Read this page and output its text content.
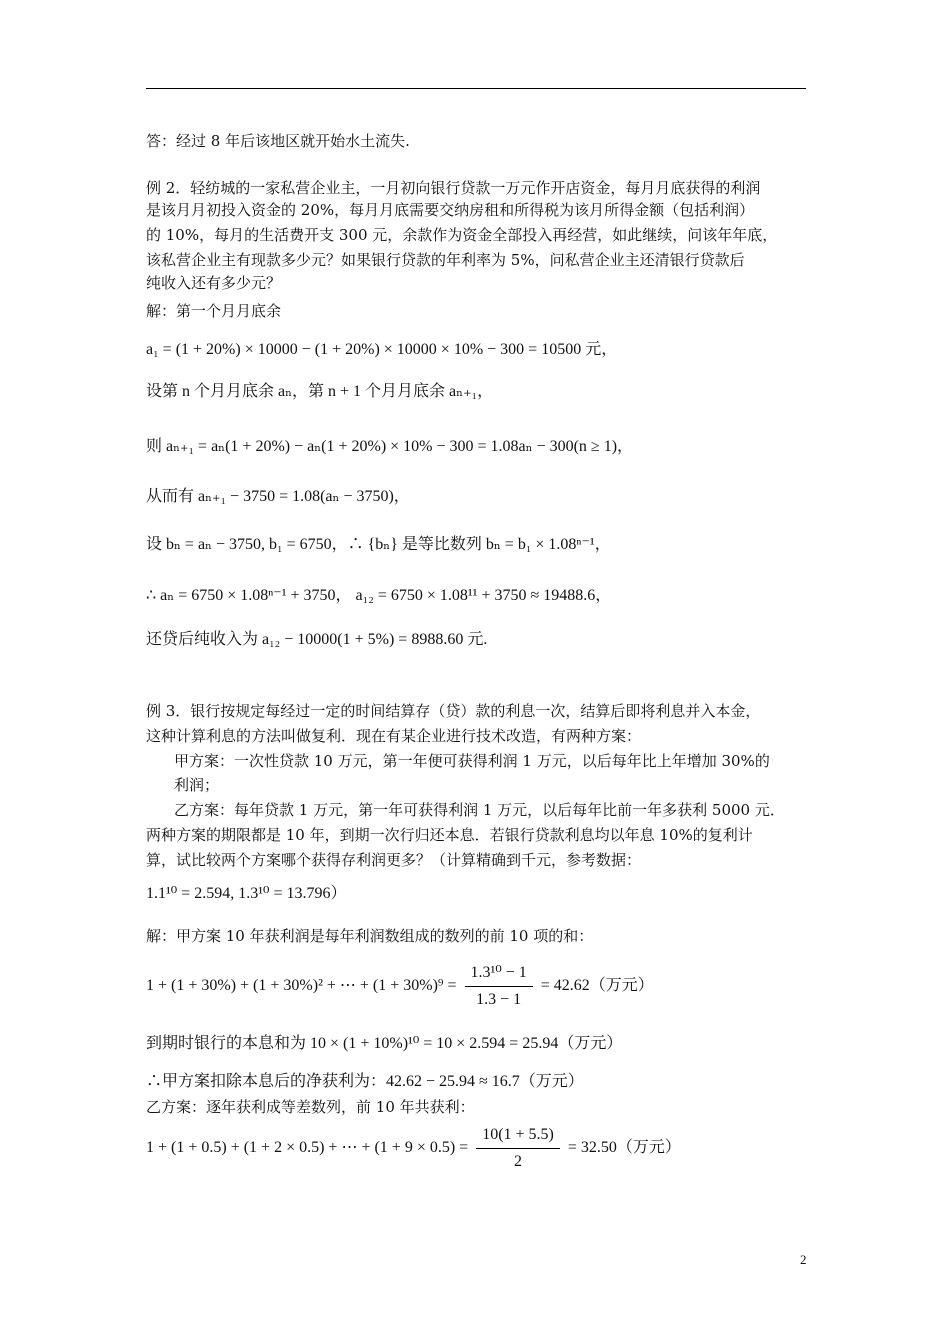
答：经过 8 年后该地区就开始水土流失.
例 2．轻纺城的一家私营企业主，一月初向银行贷款一万元作开店资金，每月月底获得的利润
是该月月初投入资金的 20%，每月月底需要交纳房租和所得税为该月所得金额（包括利润）
的 10%，每月的生活费开支 300 元，余款作为资金全部投入再经营，如此继续，问该年年底，
该私营企业主有现款多少元？如果银行贷款的年利率为 5%，问私营企业主还清银行贷款后
纯收入还有多少元？
解：第一个月月底余
a₁ = (1 + 20%) × 10000 − (1 + 20%) × 10000 × 10% − 300 = 10500 元，
设第 n 个月月底余 aₙ，第 n + 1 个月月底余 aₙ₊₁，
则 aₙ₊₁ = aₙ(1 + 20%) − aₙ(1 + 20%) × 10% − 300 = 1.08aₙ − 300(n ≥ 1)，
从而有 aₙ₊₁ − 3750 = 1.08(aₙ − 3750)，
设 bₙ = aₙ − 3750, b₁ = 6750，∴ {bₙ} 是等比数列 bₙ = b₁ × 1.08ⁿ⁻¹，
∴ aₙ = 6750 × 1.08ⁿ⁻¹ + 3750， a₁₂ = 6750 × 1.08¹¹ + 3750 ≈ 19488.6，
还贷后纯收入为 a₁₂ − 10000(1 + 5%) = 8988.60 元.
例 3．银行按规定每经过一定的时间结算存（贷）款的利息一次，结算后即将利息并入本金，
这种计算利息的方法叫做复利．现在有某企业进行技术改造，有两种方案：
甲方案：一次性贷款 10 万元，第一年便可获得利润 1 万元，以后每年比上年增加 30%的
利润；
乙方案：每年贷款 1 万元，第一年可获得利润 1 万元，以后每年比前一年多获利 5000 元．
两种方案的期限都是 10 年，到期一次行归还本息．若银行贷款利息均以年息 10%的复利计
算，试比较两个方案哪个获得存利润更多？（计算精确到千元，参考数据：
1.1¹⁰ = 2.594, 1.3¹⁰ = 13.796）
解：甲方案 10 年获利润是每年利润数组成的数列的前 10 项的和：
1 + (1 + 30%) + (1 + 30%)² + ⋯ + $(1 + 30\%)^9 = \frac{\text{1.3¹⁰ − 1}}{1.3 - 1} = 42.62$（万元）
到期时银行的本息和为 10 × (1 + 10%)¹⁰ = 10 × 2.594 = 25.94（万元）
∴甲方案扣除本息后的净获利为：42.62 − 25.94 ≈ 16.7（万元）
乙方案：逐年获利成等差数列，前 10 年共获利：
1 + (1 + 0.5) + (1 + 2 × 0.5) + ⋯ + $(1 + 9 \times 0.5) = \frac{10(1 + 5.5)}{2} = 32.50$（万元）
2
